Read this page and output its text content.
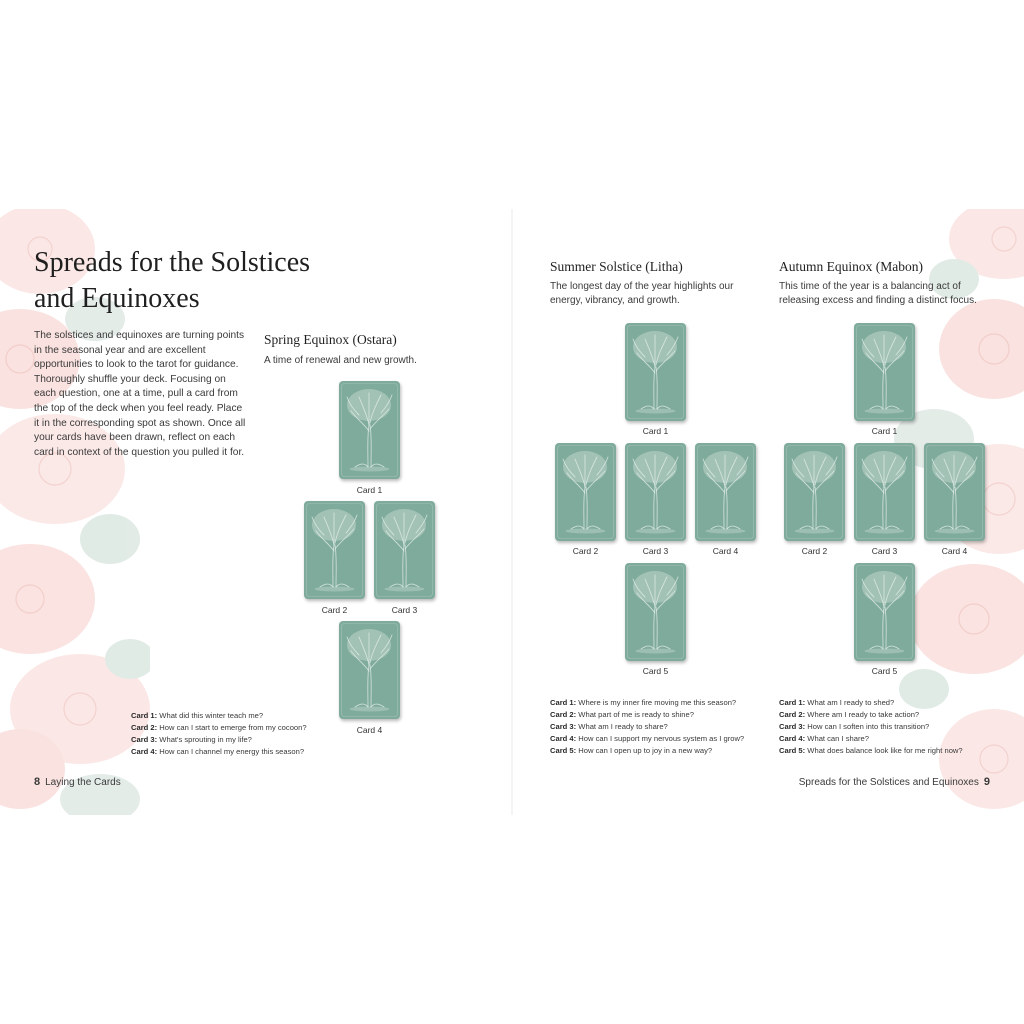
Spreads for the Solstices
and Equinoxes

The solstices and equinoxes are turning points in the seasonal year and are excellent opportunities to look to the tarot for guidance. Thoroughly shuffle your deck. Focusing on each question, one at a time, pull a card from the top of the deck when you feel ready. Place it in the corresponding spot as shown. Once all your cards have been drawn, reflect on each card in context of the question you pulled it for.

Spring Equinox (Ostara)

A time of renewal and new growth.

Card 1
Card 2	Card 3
Card 4
Card 1: What did this winter teach me?
Card 2: How can I start to emerge from my cocoon?
Card 3: What's sprouting in my life?
Card 4: How can I channel my energy this season?
8 Laying the Cards
Summer Solstice (Litha)

The longest day of the year highlights our energy, vibrancy, and growth.

Card 1
Card 2	Card 3	Card 4
Card 5
Card 1: Where is my inner fire moving me this season?
Card 2: What part of me is ready to shine?
Card 3: What am I ready to share?
Card 4: How can I support my nervous system as I grow?
Card 5: How can I open up to joy in a new way?
Autumn Equinox (Mabon)

This time of the year is a balancing act of releasing excess and finding a distinct focus.

Card 1
Card 2	Card 3	Card 4
Card 5
Card 1: What am I ready to shed?
Card 2: Where am I ready to take action?
Card 3: How can I soften into this transition?
Card 4: What can I share?
Card 5: What does balance look like for me right now?
Spreads for the Solstices and Equinoxes 9
